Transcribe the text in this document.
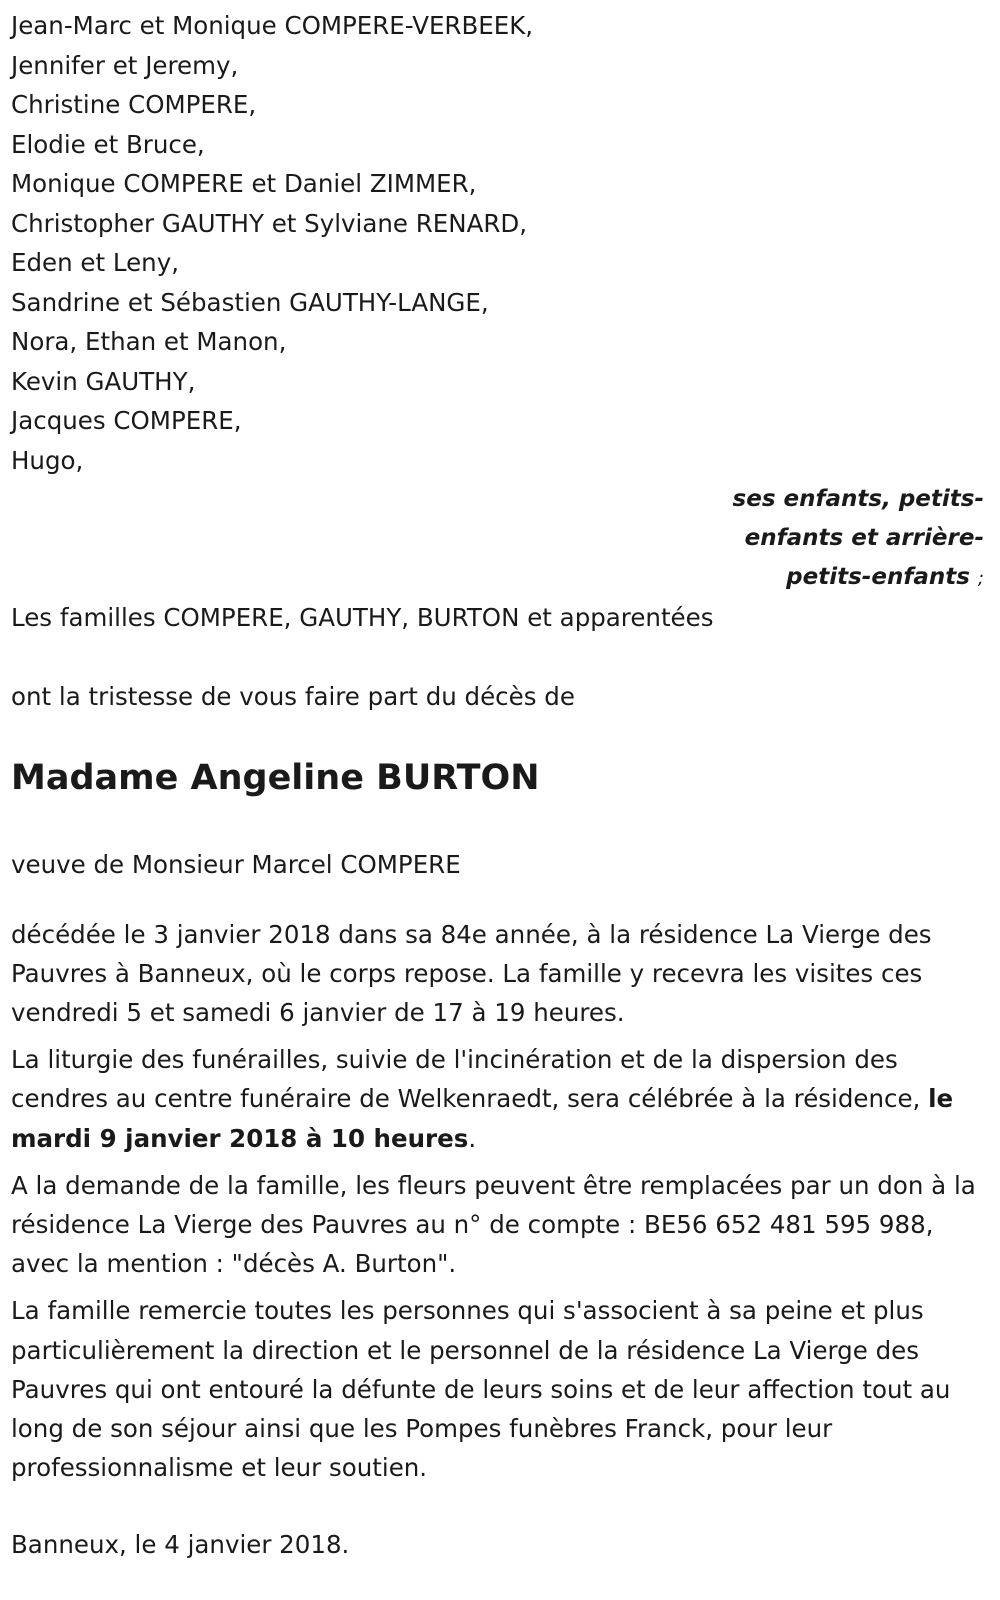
Jean-Marc et Monique COMPERE-VERBEEK,
Jennifer et Jeremy,
Christine COMPERE,
Elodie et Bruce,
Monique COMPERE et Daniel ZIMMER,
Christopher GAUTHY et Sylviane RENARD,
Eden et Leny,
Sandrine et Sébastien GAUTHY-LANGE,
Nora, Ethan et Manon,
Kevin GAUTHY,
Jacques COMPERE,
Hugo,
ses enfants, petits-
enfants et arrière-
petits-enfants ;
Les familles COMPERE, GAUTHY, BURTON et apparentées
ont la tristesse de vous faire part du décès de
Madame Angeline BURTON
veuve de Monsieur Marcel COMPERE

décédée le 3 janvier 2018 dans sa 84e année, à la résidence La Vierge des Pauvres à Banneux, où le corps repose. La famille y recevra les visites ces vendredi 5 et samedi 6 janvier de 17 à 19 heures.

La liturgie des funérailles, suivie de l'incinération et de la dispersion des cendres au centre funéraire de Welkenraedt, sera célébrée à la résidence, le mardi 9 janvier 2018 à 10 heures.

A la demande de la famille, les fleurs peuvent être remplacées par un don à la résidence La Vierge des Pauvres au n° de compte : BE56 652 481 595 988, avec la mention : "décès A. Burton".

La famille remercie toutes les personnes qui s'associent à sa peine et plus particulièrement la direction et le personnel de la résidence La Vierge des Pauvres qui ont entouré la défunte de leurs soins et de leur affection tout au long de son séjour ainsi que les Pompes funèbres Franck, pour leur professionnalisme et leur soutien.

Banneux, le 4 janvier 2018.
